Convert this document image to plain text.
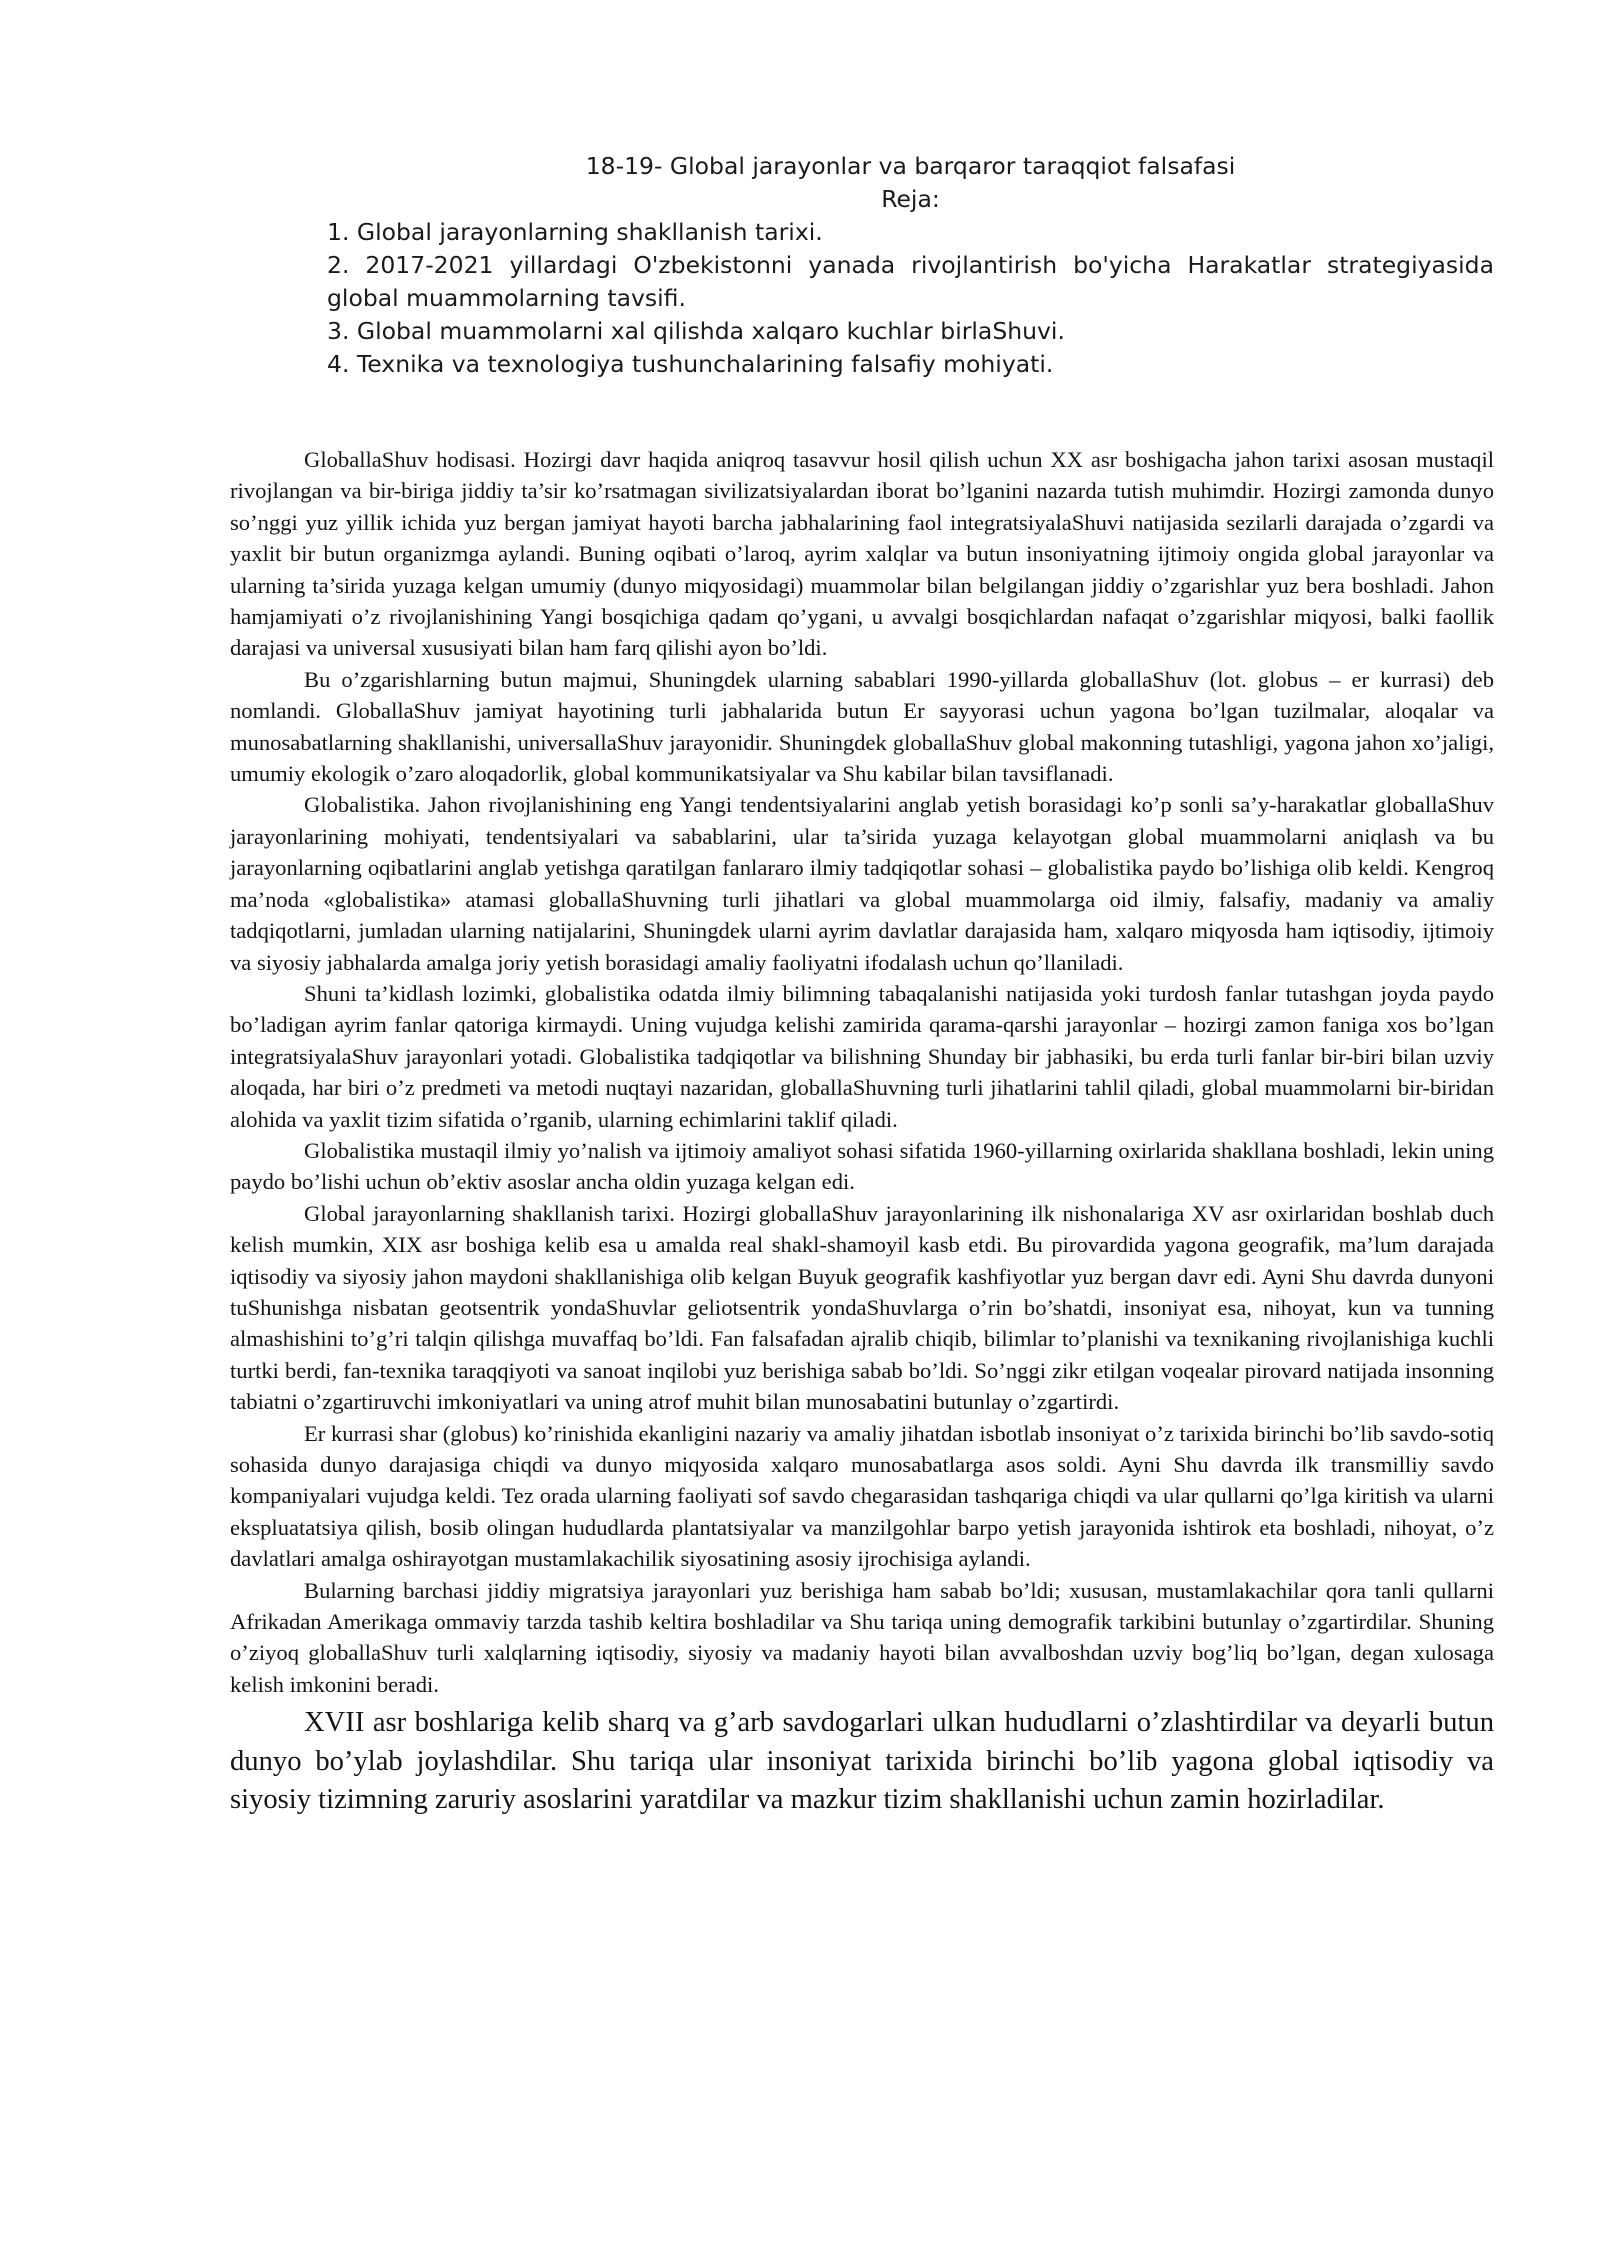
18-19- Global jarayonlar va barqaror taraqqiot falsafasi
Reja:
1. Global jarayonlarning shakllanish tarixi.
2. 2017-2021 yillardagi O'zbekistonni yanada rivojlantirish bo'yicha Harakatlar strategiyasida global muammolarning tavsifi.
3. Global muammolarni xal qilishda xalqaro kuchlar birlaShuvi.
4. Texnika va texnologiya tushunchalarining falsafiy mohiyati.

GloballaShuv hodisasi. Hozirgi davr haqida aniqroq tasavvur hosil qilish uchun XX asr boshigacha jahon tarixi asosan mustaqil rivojlangan va bir-biriga jiddiy ta’sir ko’rsatmagan sivilizatsiyalardan iborat bo’lganini nazarda tutish muhimdir. Hozirgi zamonda dunyo so’nggi yuz yillik ichida yuz bergan jamiyat hayoti barcha jabhalarining faol integratsiyalaShuvi natijasida sezilarli darajada o’zgardi va yaxlit bir butun organizmga aylandi. Buning oqibati o’laroq, ayrim xalqlar va butun insoniyatning ijtimoiy ongida global jarayonlar va ularning ta’sirida yuzaga kelgan umumiy (dunyo miqyosidagi) muammolar bilan belgilangan jiddiy o’zgarishlar yuz bera boshladi. Jahon hamjamiyati o’z rivojlanishining Yangi bosqichiga qadam qo’ygani, u avvalgi bosqichlardan nafaqat o’zgarishlar miqyosi, balki faollik darajasi va universal xususiyati bilan ham farq qilishi ayon bo’ldi.

Bu o’zgarishlarning butun majmui, Shuningdek ularning sabablari 1990-yillarda globallaShuv (lot. globus – er kurrasi) deb nomlandi. GloballaShuv jamiyat hayotining turli jabhalarida butun Er sayyorasi uchun yagona bo’lgan tuzilmalar, aloqalar va munosabatlarning shakllanishi, universallaShuv jarayonidir. Shuningdek globallaShuv global makonning tutashligi, yagona jahon xo’jaligi, umumiy ekologik o’zaro aloqadorlik, global kommunikatsiyalar va Shu kabilar bilan tavsiflanadi.

Globalistika. Jahon rivojlanishining eng Yangi tendentsiyalarini anglab yetish borasidagi ko’p sonli sa’y-harakatlar globallaShuv jarayonlarining mohiyati, tendentsiyalari va sabablarini, ular ta’sirida yuzaga kelayotgan global muammolarni aniqlash va bu jarayonlarning oqibatlarini anglab yetishga qaratilgan fanlararo ilmiy tadqiqotlar sohasi – globalistika paydo bo’lishiga olib keldi. Kengroq ma’noda «globalistika» atamasi globallaShuvning turli jihatlari va global muammolarga oid ilmiy, falsafiy, madaniy va amaliy tadqiqotlarni, jumladan ularning natijalarini, Shuningdek ularni ayrim davlatlar darajasida ham, xalqaro miqyosda ham iqtisodiy, ijtimoiy va siyosiy jabhalarda amalga joriy yetish borasidagi amaliy faoliyatni ifodalash uchun qo’llaniladi.

Shuni ta’kidlash lozimki, globalistika odatda ilmiy bilimning tabaqalanishi natijasida yoki turdosh fanlar tutashgan joyda paydo bo’ladigan ayrim fanlar qatoriga kirmaydi. Uning vujudga kelishi zamirida qarama-qarshi jarayonlar – hozirgi zamon faniga xos bo’lgan integratsiyalaShuv jarayonlari yotadi. Globalistika tadqiqotlar va bilishning Shunday bir jabhasiki, bu erda turli fanlar bir-biri bilan uzviy aloqada, har biri o’z predmeti va metodi nuqtayi nazaridan, globallaShuvning turli jihatlarini tahlil qiladi, global muammolarni bir-biridan alohida va yaxlit tizim sifatida o’rganib, ularning echimlarini taklif qiladi.

Globalistika mustaqil ilmiy yo’nalish va ijtimoiy amaliyot sohasi sifatida 1960-yillarning oxirlarida shakllana boshladi, lekin uning paydo bo’lishi uchun ob’ektiv asoslar ancha oldin yuzaga kelgan edi.

Global jarayonlarning shakllanish tarixi. Hozirgi globallaShuv jarayonlarining ilk nishonalariga XV asr oxirlaridan boshlab duch kelish mumkin, XIX asr boshiga kelib esa u amalda real shakl-shamoyil kasb etdi. Bu pirovardida yagona geografik, ma’lum darajada iqtisodiy va siyosiy jahon maydoni shakllanishiga olib kelgan Buyuk geografik kashfiyotlar yuz bergan davr edi. Ayni Shu davrda dunyoni tuShunishga nisbatan geotsentrik yondaShuvlar geliotsentrik yondaShuvlarga o’rin bo’shatdi, insoniyat esa, nihoyat, kun va tunning almashishini to’g’ri talqin qilishga muvaffaq bo’ldi. Fan falsafadan ajralib chiqib, bilimlar to’planishi va texnikaning rivojlanishiga kuchli turtki berdi, fan-texnika taraqqiyoti va sanoat inqilobi yuz berishiga sabab bo’ldi. So’nggi zikr etilgan voqealar pirovard natijada insonning tabiatni o’zgartiruvchi imkoniyatlari va uning atrof muhit bilan munosabatini butunlay o’zgartirdi.

Er kurrasi shar (globus) ko’rinishida ekanligini nazariy va amaliy jihatdan isbotlab insoniyat o’z tarixida birinchi bo’lib savdo-sotiq sohasida dunyo darajasiga chiqdi va dunyo miqyosida xalqaro munosabatlarga asos soldi. Ayni Shu davrda ilk transmilliy savdo kompaniyalari vujudga keldi. Tez orada ularning faoliyati sof savdo chegarasidan tashqariga chiqdi va ular qullarni qo’lga kiritish va ularni ekspluatatsiya qilish, bosib olingan hududlarda plantatsiyalar va manzilgohlar barpo yetish jarayonida ishtirok eta boshladi, nihoyat, o’z davlatlari amalga oshirayotgan mustamlakachilik siyosatining asosiy ijrochisiga aylandi.

Bularning barchasi jiddiy migratsiya jarayonlari yuz berishiga ham sabab bo’ldi; xususan, mustamlakachilar qora tanli qullarni Afrikadan Amerikaga ommaviy tarzda tashib keltira boshladilar va Shu tariqa uning demografik tarkibini butunlay o’zgartirdilar. Shuning o’ziyoq globallaShuv turli xalqlarning iqtisodiy, siyosiy va madaniy hayoti bilan avvalboshdan uzviy bog’liq bo’lgan, degan xulosaga kelish imkonini beradi.

XVII asr boshlariga kelib sharq va g’arb savdogarlari ulkan hududlarni o’zlashtirdilar va deyarli butun dunyo bo’ylab joylashdilar. Shu tariqa ular insoniyat tarixida birinchi bo’lib yagona global iqtisodiy va siyosiy tizimning zaruriy asoslarini yaratdilar va mazkur tizim shakllanishi uchun zamin hozirladilar.
